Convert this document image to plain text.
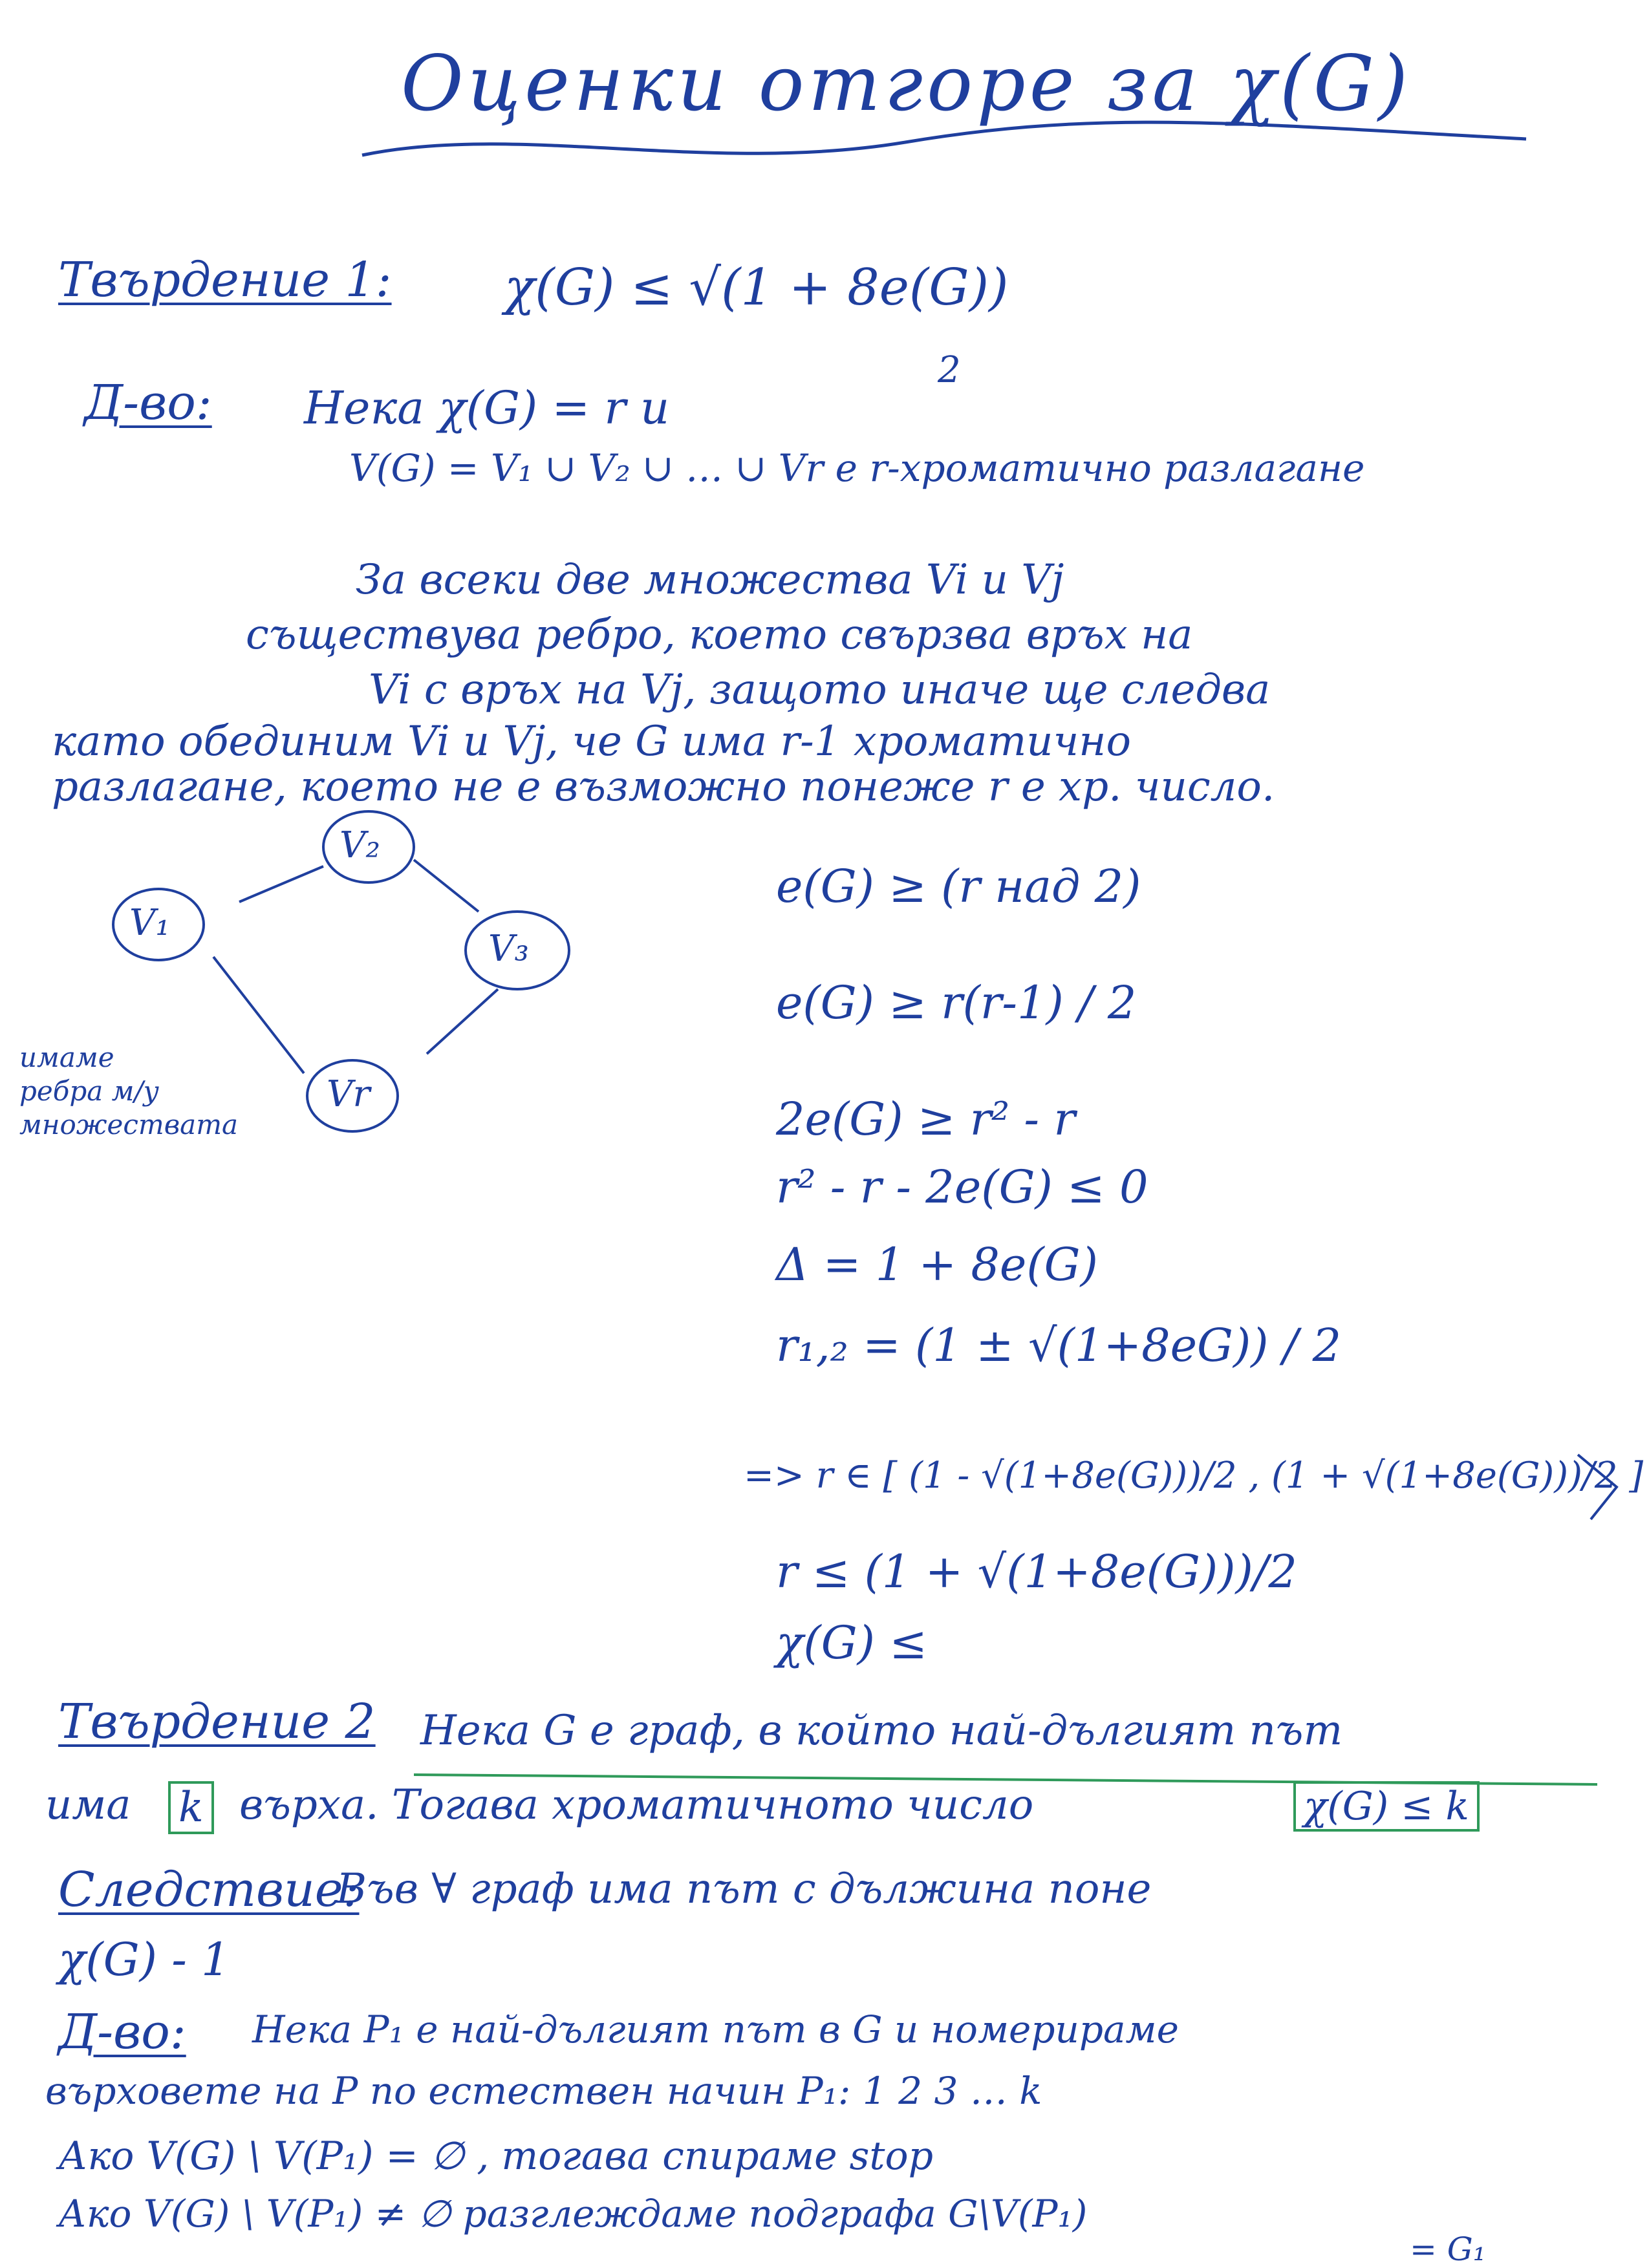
Оценки отгоре за χ(G)
Твърдение 1: χ(G) ≤ √(1 + 8e(G))
Д-во: Нека χ(G) = r и
2
V(G) = V₁ ∪ V₂ ∪ … ∪ Vr е r-хроматично разлагане
За всеки две множества Vi и Vj
съществува ребро, което свързва връх на
Vi с връх на Vj, защото иначе ще следва
като обединим Vi и Vj, че G има r-1 хроматично
разлагане, което не е възможно понеже r е хр. число.
V₁
V₂
V₃
Vr
имаме
ребра м/у
множествата
e(G) ≥ (r над 2)
e(G) ≥ r(r-1) / 2
2e(G) ≥ r² - r
r² - r - 2e(G) ≤ 0
Δ = 1 + 8e(G)
r₁,₂ = (1 ± √(1+8eG)) / 2
=> r ∈ [ (1 - √(1+8e(G)))/2 , (1 + √(1+8e(G)))/2 ]
r ≤ (1 + √(1+8e(G)))/2
χ(G) ≤
Твърдение 2 Нека G е граф, в който най-дългият път
има k върха. Тогава хроматичното число	χ(G) ≤ k
Следствие:
Във ∀ граф има път с дължина поне
χ(G) - 1
Д-во: Нека P₁ е най-дългият път в G и номерираме
върховете на P по естествен начин P₁: 1 2 3 … k
Ако V(G) \ V(P₁) = ∅ , тогава спираме stop
Ако V(G) \ V(P₁) ≠ ∅ разглеждаме подграфа G\V(P₁)
= G₁
